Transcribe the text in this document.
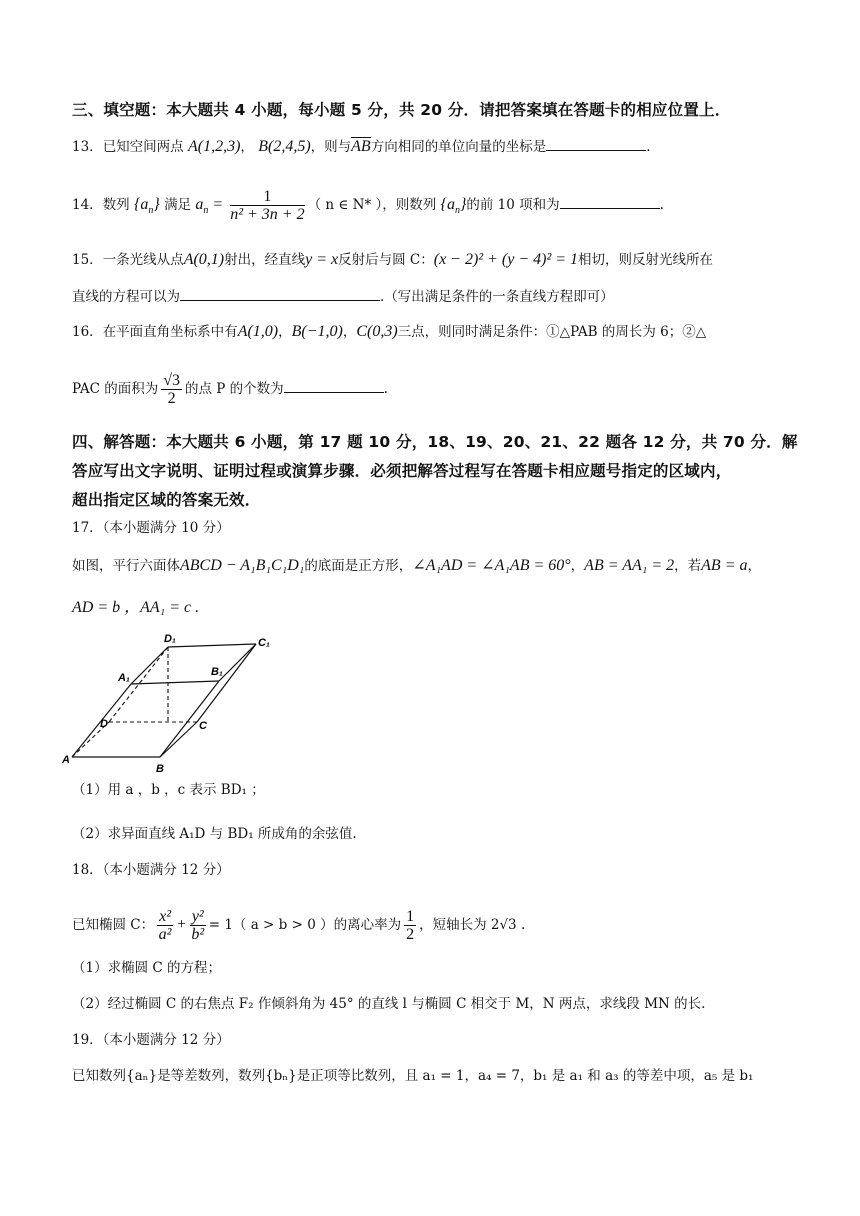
三、填空题：本大题共 4 小题，每小题 5 分，共 20 分．请把答案填在答题卡的相应位置上．
13．已知空间两点 A(1,2,3)， B(2,4,5)，则与AB方向相同的单位向量的坐标是	.
14．数列 $\{a_n\}$ 满足 $a_n = \frac{1}{\text{n² + 3n + 2}}$ （ n ∈ N* ），则数列 $\{a_n\}$的前 10 项和为	.
15．一条光线从点A(0,1)射出，经直线y = x反射后与圆 C：(x − 2)² + (y − 4)² = 1相切，则反射光线所在
直线的方程可以为	.（写出满足条件的一条直线方程即可）
16．在平面直角坐标系中有A(1,0)，B(−1,0)，C(0,3)三点，则同时满足条件：①△PAB 的周长为 6；②△
PAC 的面积为 $\frac{√3}{2}$ 的点 P 的个数为	.
四、解答题：本大题共 6 小题，第 17 题 10 分，18、19、20、21、22 题各 12 分，共 70 分．解
答应写出文字说明、证明过程或演算步骤．必须把解答过程写在答题卡相应题号指定的区域内，
超出指定区域的答案无效．
17．（本小题满分 10 分）
如图，平行六面体ABCD − A₁B₁C₁D₁的底面是正方形，∠A₁AD = ∠A₁AB = 60°，AB = AA₁ = 2，若AB = a，
AD = b ，AA₁ = c .
D₁	C₁
A₁	B₁
D	C
A
B
（1）用 a ，b ，c 表示 BD₁ ；
（2）求异面直线 A₁D 与 BD₁ 所成角的余弦值.
18．（本小题满分 12 分）
已知椭圆 C： $\frac{\text{x²}}{\text{a²}} + \frac{\text{y²}}{\text{b²}} = 1$（ a > b > 0 ）的离心率为 $\frac{1}{2}$ ，短轴长为 2√3 .
（1）求椭圆 C 的方程；
（2）经过椭圆 C 的右焦点 F₂ 作倾斜角为 45° 的直线 l 与椭圆 C 相交于 M，N 两点，求线段 MN 的长.
19．（本小题满分 12 分）
已知数列{aₙ}是等差数列，数列{bₙ}是正项等比数列，且 a₁ = 1，a₄ = 7，b₁ 是 a₁ 和 a₃ 的等差中项，a₅ 是 b₁
